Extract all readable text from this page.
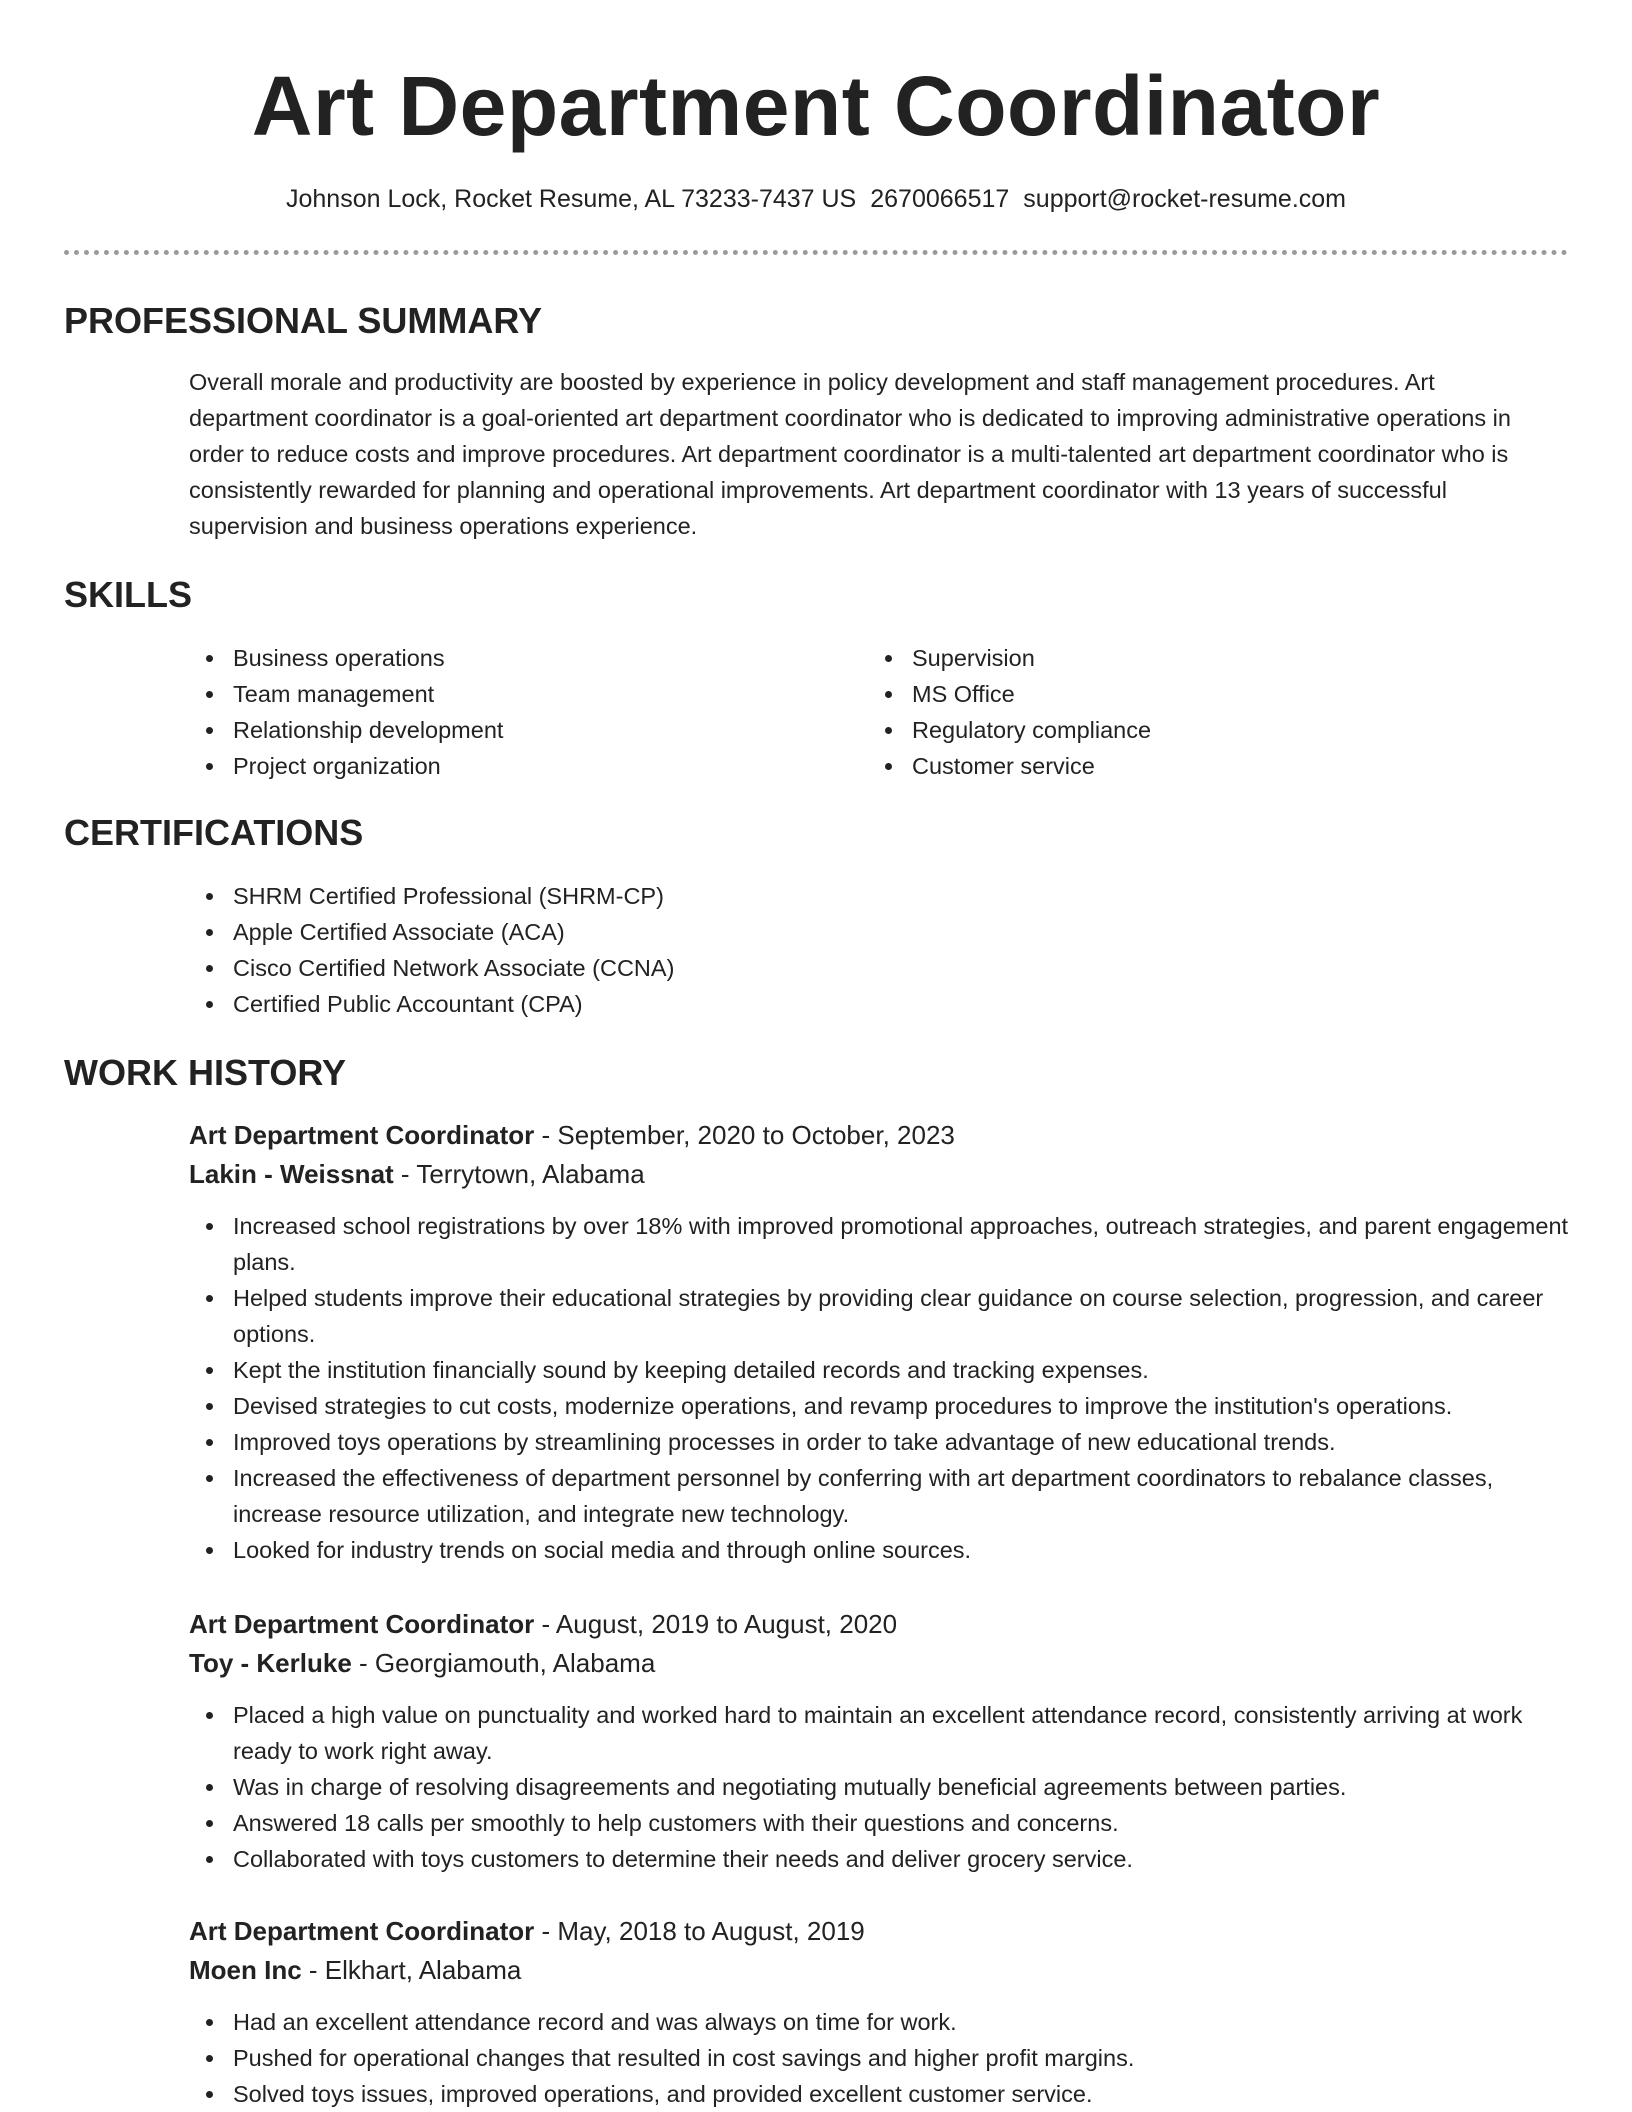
Art Department Coordinator
Johnson Lock, Rocket Resume, AL 73233-7437 US 2670066517 support@rocket-resume.com
PROFESSIONAL SUMMARY

Overall morale and productivity are boosted by experience in policy development and staff management procedures. Art department coordinator is a goal-oriented art department coordinator who is dedicated to improving administrative operations in order to reduce costs and improve procedures. Art department coordinator is a multi-talented art department coordinator who is consistently rewarded for planning and operational improvements. Art department coordinator with 13 years of successful supervision and business operations experience.

SKILLS
Business operations
Team management
Relationship development
Project organization
Supervision
MS Office
Regulatory compliance
Customer service
CERTIFICATIONS
SHRM Certified Professional (SHRM-CP)
Apple Certified Associate (ACA)
Cisco Certified Network Associate (CCNA)
Certified Public Accountant (CPA)
WORK HISTORY
Art Department Coordinator - September, 2020 to October, 2023
Lakin - Weissnat - Terrytown, Alabama
Increased school registrations by over 18% with improved promotional approaches, outreach strategies, and parent engagement plans.
Helped students improve their educational strategies by providing clear guidance on course selection, progression, and career options.
Kept the institution financially sound by keeping detailed records and tracking expenses.
Devised strategies to cut costs, modernize operations, and revamp procedures to improve the institution's operations.
Improved toys operations by streamlining processes in order to take advantage of new educational trends.
Increased the effectiveness of department personnel by conferring with art department coordinators to rebalance classes, increase resource utilization, and integrate new technology.
Looked for industry trends on social media and through online sources.
Art Department Coordinator - August, 2019 to August, 2020
Toy - Kerluke - Georgiamouth, Alabama
Placed a high value on punctuality and worked hard to maintain an excellent attendance record, consistently arriving at work ready to work right away.
Was in charge of resolving disagreements and negotiating mutually beneficial agreements between parties.
Answered 18 calls per smoothly to help customers with their questions and concerns.
Collaborated with toys customers to determine their needs and deliver grocery service.
Art Department Coordinator - May, 2018 to August, 2019
Moen Inc - Elkhart, Alabama
Had an excellent attendance record and was always on time for work.
Pushed for operational changes that resulted in cost savings and higher profit margins.
Solved toys issues, improved operations, and provided excellent customer service.
